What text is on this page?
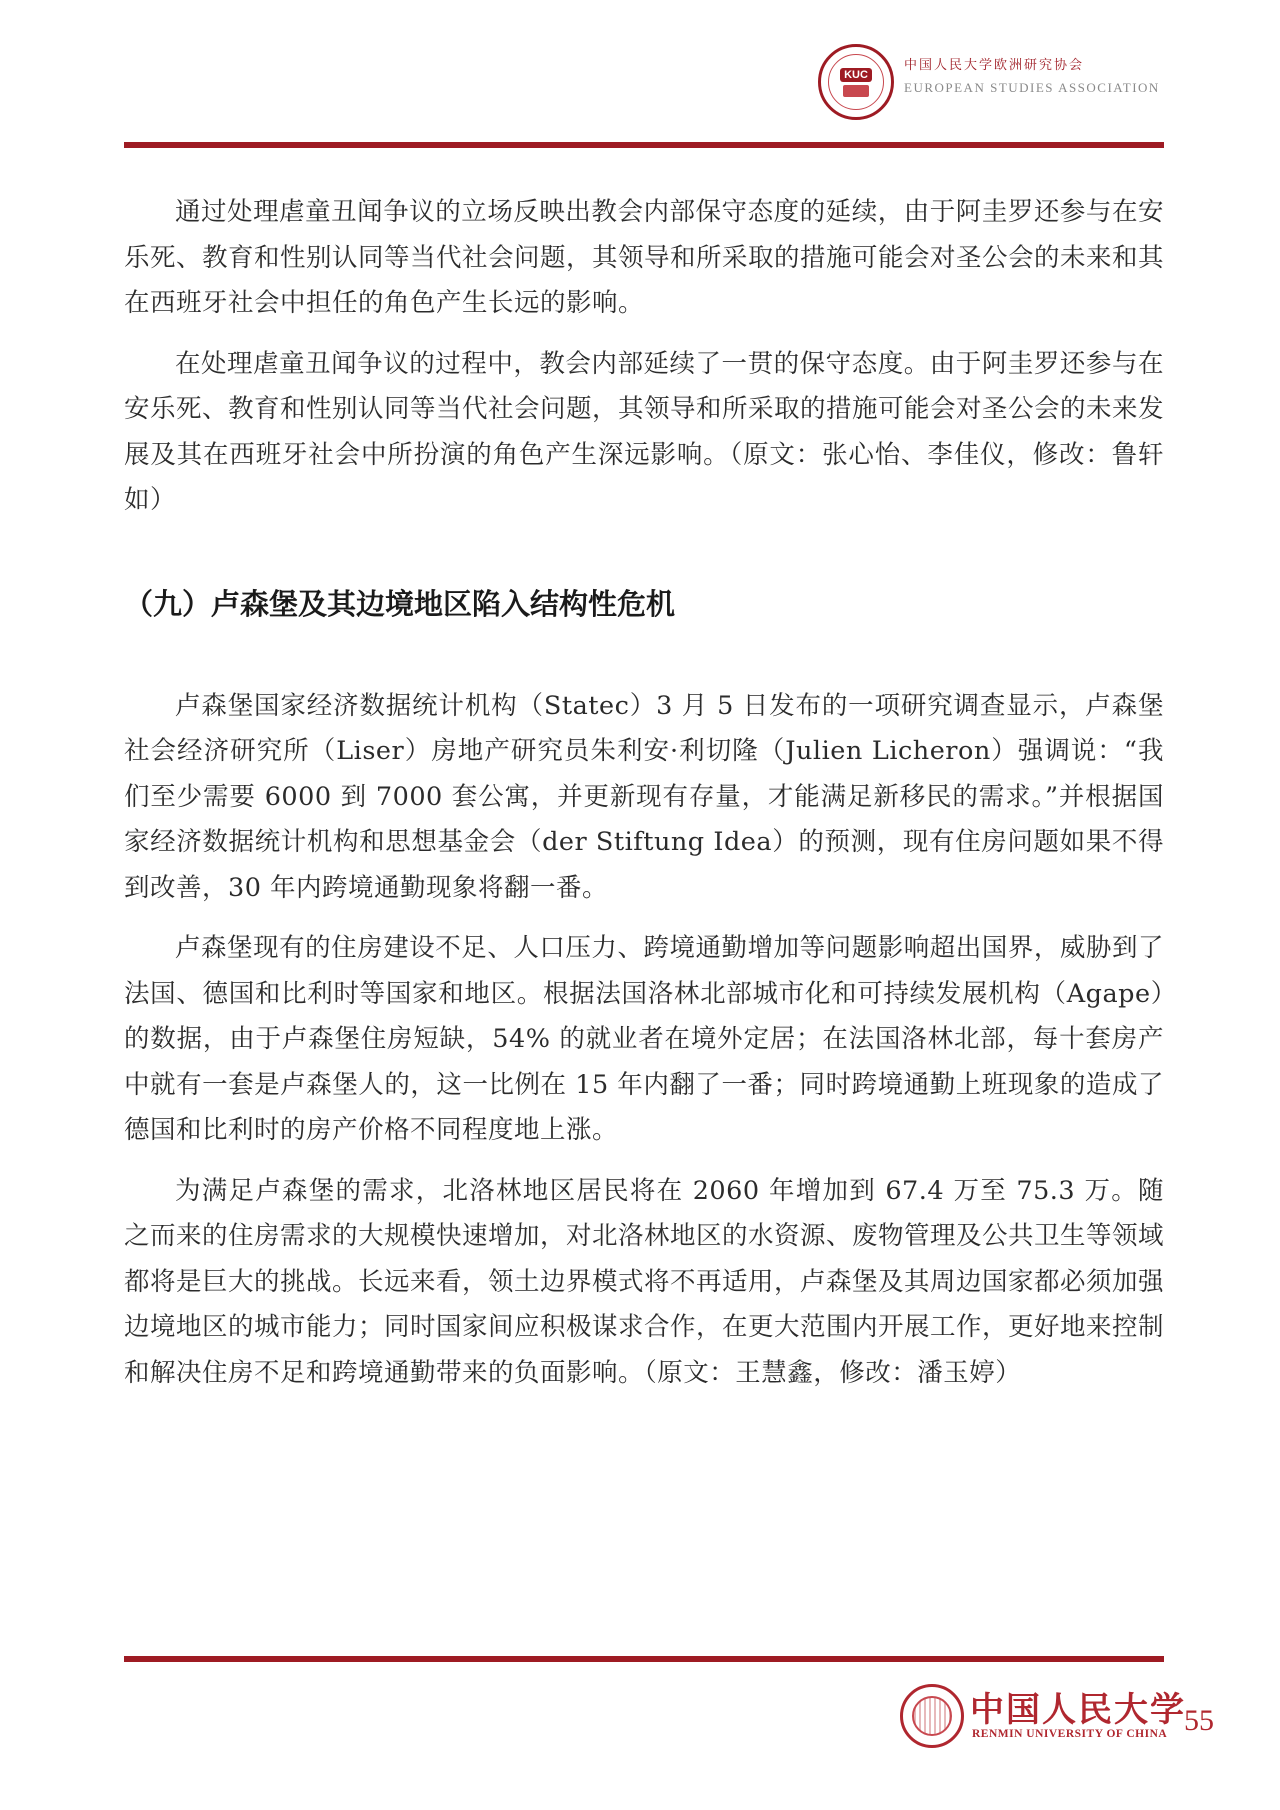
KUC
中国人民大学欧洲研究协会
EUROPEAN STUDIES ASSOCIATION

通过处理虐童丑闻争议的立场反映出教会内部保守态度的延续，由于阿圭罗还参与在安乐死、教育和性别认同等当代社会问题，其领导和所采取的措施可能会对圣公会的未来和其在西班牙社会中担任的角色产生长远的影响。

在处理虐童丑闻争议的过程中，教会内部延续了一贯的保守态度。由于阿圭罗还参与在安乐死、教育和性别认同等当代社会问题，其领导和所采取的措施可能会对圣公会的未来发展及其在西班牙社会中所扮演的角色产生深远影响。（原文：张心怡、李佳仪，修改：鲁轩如）

（九）卢森堡及其边境地区陷入结构性危机

卢森堡国家经济数据统计机构（Statec）3 月 5 日发布的一项研究调查显示，卢森堡社会经济研究所（Liser）房地产研究员朱利安·利切隆（Julien Licheron）强调说：“我们至少需要 6000 到 7000 套公寓，并更新现有存量，才能满足新移民的需求。”并根据国家经济数据统计机构和思想基金会（der Stiftung Idea）的预测，现有住房问题如果不得到改善，30 年内跨境通勤现象将翻一番。

卢森堡现有的住房建设不足、人口压力、跨境通勤增加等问题影响超出国界，威胁到了法国、德国和比利时等国家和地区。根据法国洛林北部城市化和可持续发展机构（Agape）的数据，由于卢森堡住房短缺，54% 的就业者在境外定居；在法国洛林北部，每十套房产中就有一套是卢森堡人的，这一比例在 15 年内翻了一番；同时跨境通勤上班现象的造成了德国和比利时的房产价格不同程度地上涨。

为满足卢森堡的需求，北洛林地区居民将在 2060 年增加到 67.4 万至 75.3 万。随之而来的住房需求的大规模快速增加，对北洛林地区的水资源、废物管理及公共卫生等领域都将是巨大的挑战。长远来看，领土边界模式将不再适用，卢森堡及其周边国家都必须加强边境地区的城市能力；同时国家间应积极谋求合作，在更大范围内开展工作，更好地来控制和解决住房不足和跨境通勤带来的负面影响。（原文：王慧鑫，修改：潘玉婷）

中国人民大学
RENMIN UNIVERSITY OF CHINA 55
